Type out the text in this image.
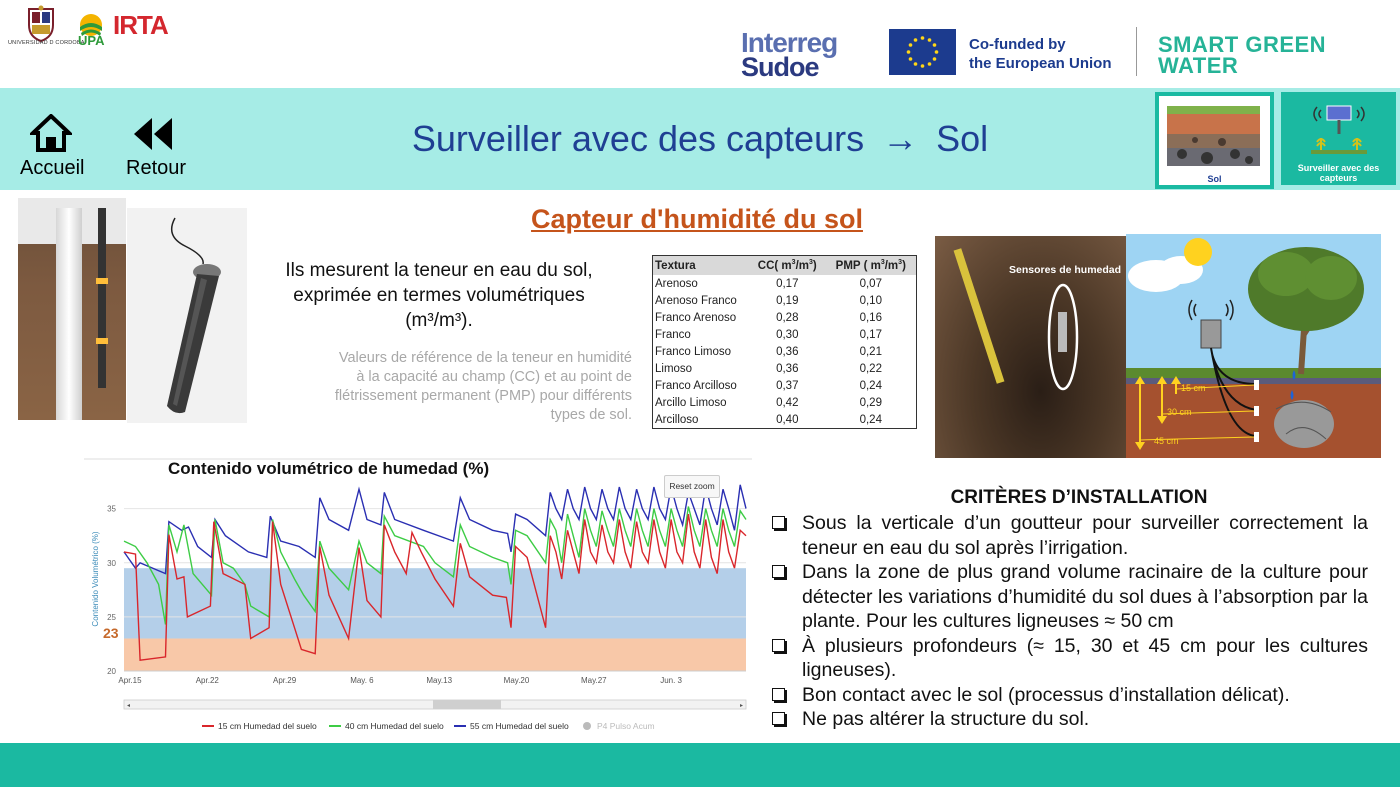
UNIVERSIDAD D CORDOBA
UPA
IRTA
Interreg
Sudoe
Co-funded by
the European Union
SMART GREEN
WATER
Accueil Retour
Surveiller avec des capteurs → Sol
Sol
Surveiller avec des capteurs
Capteur d'humidité du sol
Ils mesurent la teneur en eau du sol, exprimée en termes volumétriques (m³/m³).
Valeurs de référence de la teneur en humidité à la capacité au champ (CC) et au point de flétrissement permanent (PMP) pour différents types de sol.
Textura	CC( $m^3/m^3$)	PMP ( $m^3/m^3$)
Arenoso	0,17	0,07
Arenoso Franco	0,19	0,10
Franco Arenoso	0,28	0,16
Franco	0,30	0,17
Franco Limoso	0,36	0,21
Limoso	0,36	0,22
Franco Arcilloso	0,37	0,24
Arcillo Limoso	0,42	0,29
Arcilloso	0,40	0,24
Sensores de humedad
15 cm
30 cm
45 cm
20
25
30
35
Contenido Volumétrico (%)
Apr.15	Apr.22	Apr.29	May. 6	May.13	May.20	May.27	Jun. 3
◂	▸
15 cm Humedad del suelo	40 cm Humedad del suelo	55 cm Humedad del suelo	P4 Pulso Acum
Contenido volumétrico de humedad (%)
Reset zoom
23
CRITÈRES D’INSTALLATION
Sous la verticale d’un goutteur pour surveiller correctement la teneur en eau du sol après l’irrigation.
Dans la zone de plus grand volume racinaire de la culture pour détecter les variations d’humidité du sol dues à l’absorption par la plante. Pour les cultures ligneuses ≈ 50 cm
À plusieurs profondeurs (≈ 15, 30 et 45 cm pour les cultures ligneuses).
Bon contact avec le sol (processus d’installation délicat).
Ne pas altérer la structure du sol.
